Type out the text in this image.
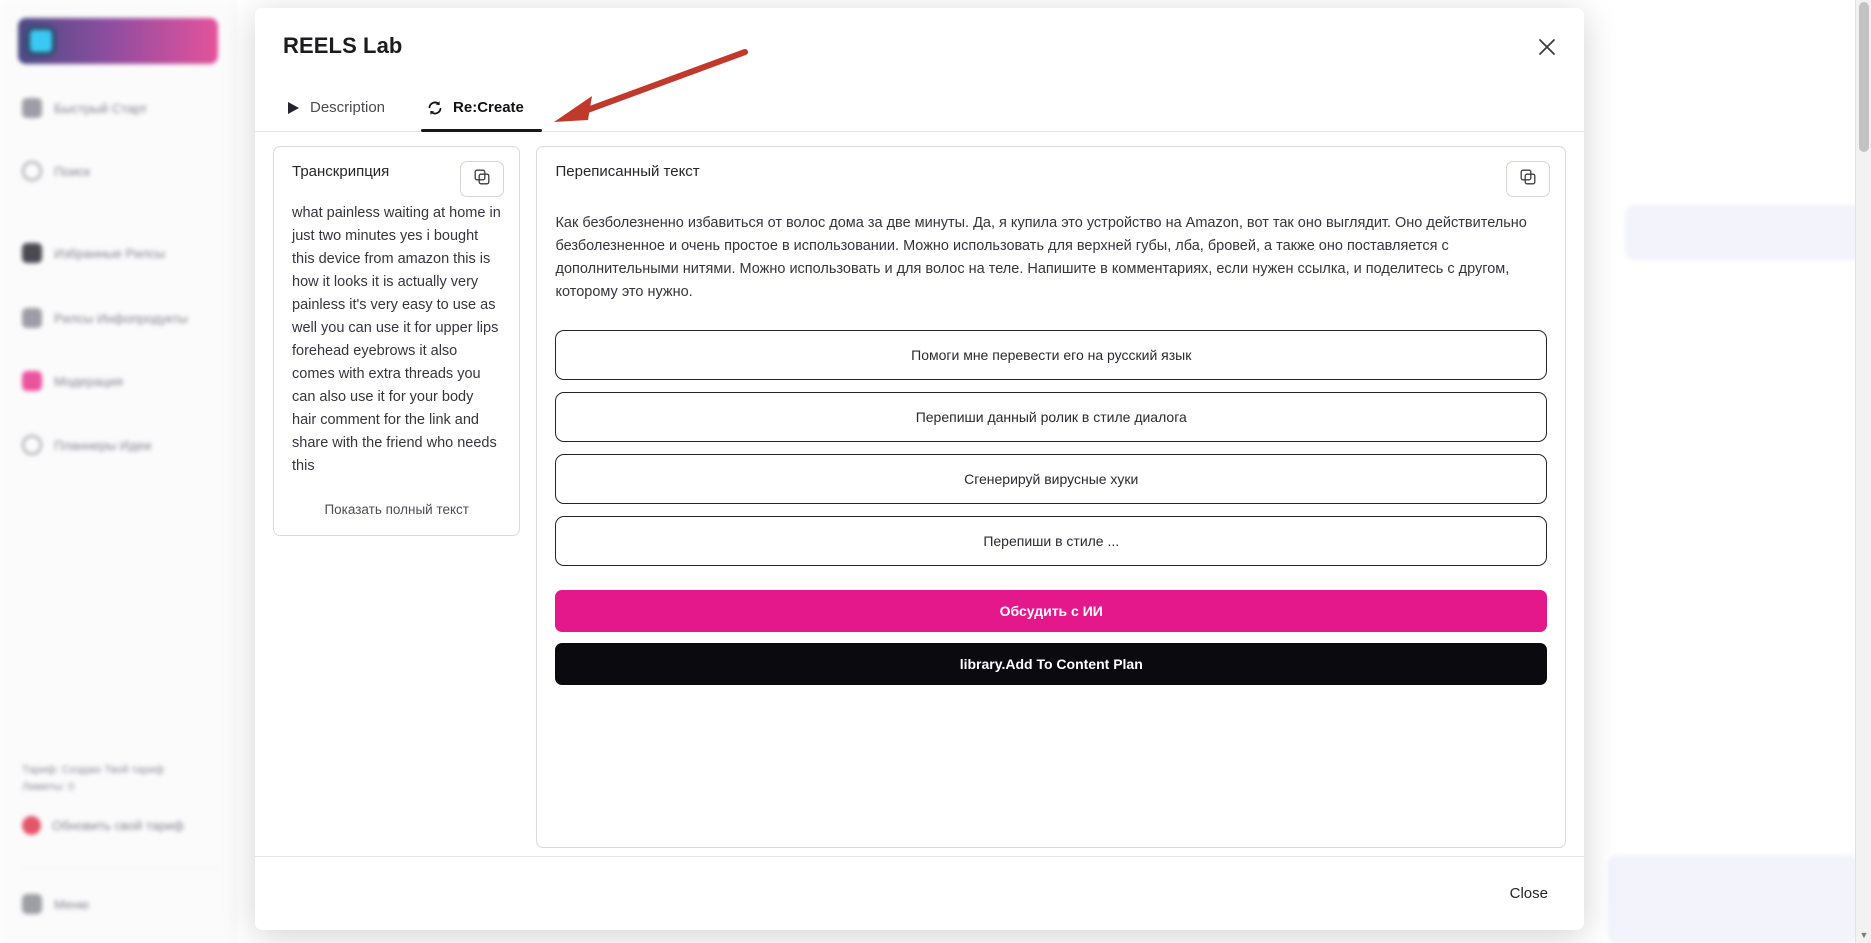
Быстрый Старт
Поиск
Избранные Рилсы
Рилсы Инфопродукты
Модерация
Планнеры Идеи
Тариф: Создаю Твой тариф
Лимиты: 0
Обновить свой тариф
Меню
▼
REELS Lab
Description	Re:Create
Транскрипция
what painless waiting at home in just two minutes yes i bought this device from amazon this is how it looks it is actually very painless it's very easy to use as well you can use it for upper lips forehead eyebrows it also comes with extra threads you can also use it for your body hair comment for the link and share with the friend who needs this
Показать полный текст
Переписанный текст
Как безболезненно избавиться от волос дома за две минуты. Да, я купила это устройство на Amazon, вот так оно выглядит. Оно действительно безболезненное и очень простое в использовании. Можно использовать для верхней губы, лба, бровей, а также оно поставляется с дополнительными нитями. Можно использовать и для волос на теле. Напишите в комментариях, если нужен ссылка, и поделитесь с другом, которому это нужно.
Помоги мне перевести его на русский язык
Перепиши данный ролик в стиле диалога
Сгенерируй вирусные хуки
Перепиши в стиле ...
Обсудить с ИИ
library.Add To Content Plan
Close
